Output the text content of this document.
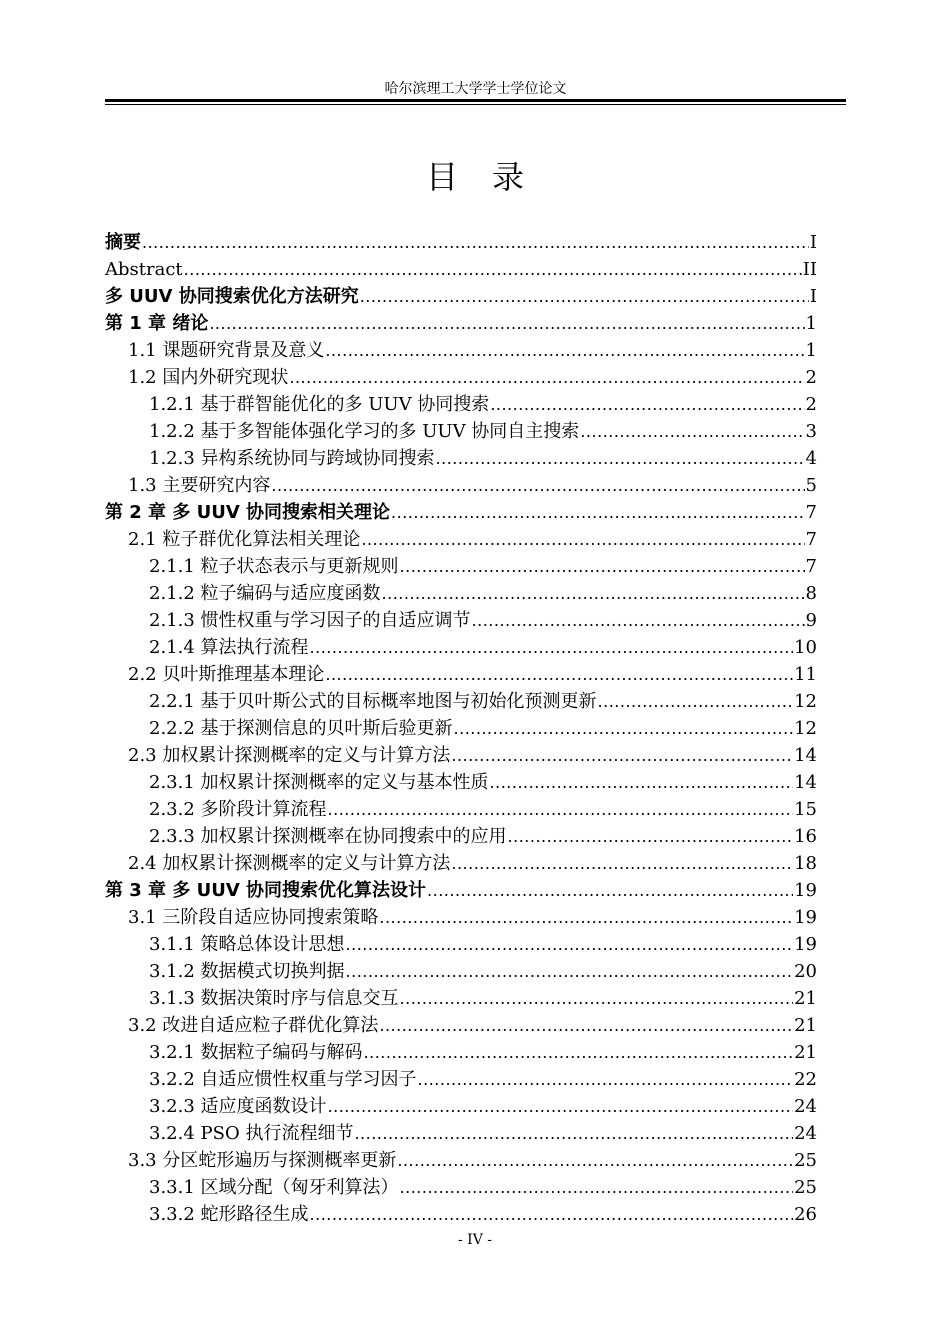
哈尔滨理工大学学士学位论文
目录
摘要 .....	I
Abstract .....	II
多 UUV 协同搜索优化方法研究 .....	I
第 1 章 绪论 .....	1
1.1 课题研究背景及意义 .....	1
1.2 国内外研究现状 .....	2
1.2.1 基于群智能优化的多 UUV 协同搜索 .....	2
1.2.2 基于多智能体强化学习的多 UUV 协同自主搜索 .....	3
1.2.3 异构系统协同与跨域协同搜索 .....	4
1.3 主要研究内容 .....	5
第 2 章 多 UUV 协同搜索相关理论 .....	7
2.1 粒子群优化算法相关理论 .....	7
2.1.1 粒子状态表示与更新规则 .....	7
2.1.2 粒子编码与适应度函数 .....	8
2.1.3 惯性权重与学习因子的自适应调节 .....	9
2.1.4 算法执行流程 .....	10
2.2 贝叶斯推理基本理论 .....	11
2.2.1 基于贝叶斯公式的目标概率地图与初始化预测更新 .....	12
2.2.2 基于探测信息的贝叶斯后验更新 .....	12
2.3 加权累计探测概率的定义与计算方法 .....	14
2.3.1 加权累计探测概率的定义与基本性质 .....	14
2.3.2 多阶段计算流程 .....	15
2.3.3 加权累计探测概率在协同搜索中的应用 .....	16
2.4 加权累计探测概率的定义与计算方法 .....	18
第 3 章 多 UUV 协同搜索优化算法设计 .....	19
3.1 三阶段自适应协同搜索策略 .....	19
3.1.1 策略总体设计思想 .....	19
3.1.2 数据模式切换判据 .....	20
3.1.3 数据决策时序与信息交互 .....	21
3.2 改进自适应粒子群优化算法 .....	21
3.2.1 数据粒子编码与解码 .....	21
3.2.2 自适应惯性权重与学习因子 .....	22
3.2.3 适应度函数设计 .....	24
3.2.4 PSO 执行流程细节 .....	24
3.3 分区蛇形遍历与探测概率更新 .....	25
3.3.1 区域分配（匈牙利算法） .....	25
3.3.2 蛇形路径生成 .....	26
- IV -
